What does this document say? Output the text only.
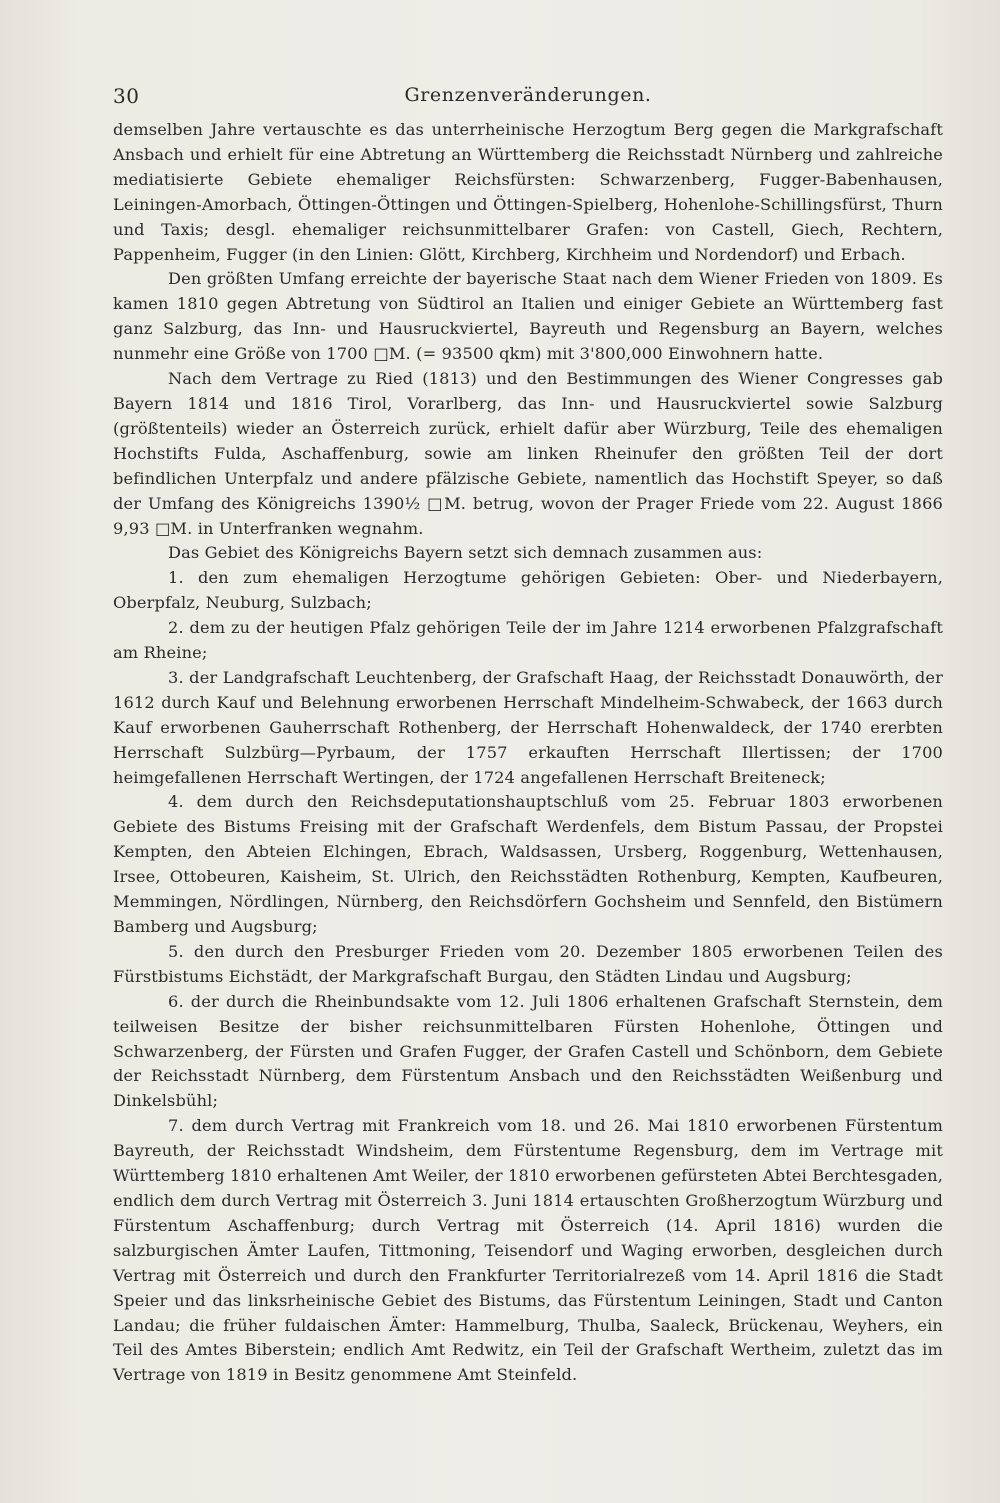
30	Grenzenveränderungen.

demselben Jahre vertauschte es das unterrheinische Herzogtum Berg gegen die Markgrafschaft Ansbach und erhielt für eine Abtretung an Württemberg die Reichsstadt Nürnberg und zahlreiche mediatisierte Gebiete ehemaliger Reichsfürsten: Schwarzenberg, Fugger-Babenhausen, Leiningen-Amorbach, Öttingen-Öttingen und Öttingen-Spielberg, Hohenlohe-Schillingsfürst, Thurn und Taxis; desgl. ehemaliger reichsunmittelbarer Grafen: von Castell, Giech, Rechtern, Pappenheim, Fugger (in den Linien: Glött, Kirchberg, Kirchheim und Nordendorf) und Erbach.

Den größten Umfang erreichte der bayerische Staat nach dem Wiener Frieden von 1809. Es kamen 1810 gegen Abtretung von Südtirol an Italien und einiger Gebiete an Württemberg fast ganz Salzburg, das Inn- und Hausruckviertel, Bayreuth und Regensburg an Bayern, welches nunmehr eine Größe von 1700 □M. (= 93500 qkm) mit 3'800,000 Einwohnern hatte.

Nach dem Vertrage zu Ried (1813) und den Bestimmungen des Wiener Congresses gab Bayern 1814 und 1816 Tirol, Vorarlberg, das Inn- und Hausruckviertel sowie Salzburg (größtenteils) wieder an Österreich zurück, erhielt dafür aber Würzburg, Teile des ehemaligen Hochstifts Fulda, Aschaffenburg, sowie am linken Rheinufer den größten Teil der dort befindlichen Unterpfalz und andere pfälzische Gebiete, namentlich das Hochstift Speyer, so daß der Umfang des Königreichs 1390½ □M. betrug, wovon der Prager Friede vom 22. August 1866 9,93 □M. in Unterfranken wegnahm.

Das Gebiet des Königreichs Bayern setzt sich demnach zusammen aus:

1. den zum ehemaligen Herzogtume gehörigen Gebieten: Ober- und Niederbayern, Oberpfalz, Neuburg, Sulzbach;

2. dem zu der heutigen Pfalz gehörigen Teile der im Jahre 1214 erworbenen Pfalzgrafschaft am Rheine;

3. der Landgrafschaft Leuchtenberg, der Grafschaft Haag, der Reichsstadt Donauwörth, der 1612 durch Kauf und Belehnung erworbenen Herrschaft Mindelheim-Schwabeck, der 1663 durch Kauf erworbenen Gauherrschaft Rothenberg, der Herrschaft Hohenwaldeck, der 1740 ererbten Herrschaft Sulzbürg—Pyrbaum, der 1757 erkauften Herrschaft Illertissen; der 1700 heimgefallenen Herrschaft Wertingen, der 1724 angefallenen Herrschaft Breiteneck;

4. dem durch den Reichsdeputationshauptschluß vom 25. Februar 1803 erworbenen Gebiete des Bistums Freising mit der Grafschaft Werdenfels, dem Bistum Passau, der Propstei Kempten, den Abteien Elchingen, Ebrach, Waldsassen, Ursberg, Roggenburg, Wettenhausen, Irsee, Ottobeuren, Kaisheim, St. Ulrich, den Reichsstädten Rothenburg, Kempten, Kaufbeuren, Memmingen, Nördlingen, Nürnberg, den Reichsdörfern Gochsheim und Sennfeld, den Bistümern Bamberg und Augsburg;

5. den durch den Presburger Frieden vom 20. Dezember 1805 erworbenen Teilen des Fürstbistums Eichstädt, der Markgrafschaft Burgau, den Städten Lindau und Augsburg;

6. der durch die Rheinbundsakte vom 12. Juli 1806 erhaltenen Grafschaft Sternstein, dem teilweisen Besitze der bisher reichsunmittelbaren Fürsten Hohenlohe, Öttingen und Schwarzenberg, der Fürsten und Grafen Fugger, der Grafen Castell und Schönborn, dem Gebiete der Reichsstadt Nürnberg, dem Fürstentum Ansbach und den Reichsstädten Weißenburg und Dinkelsbühl;

7. dem durch Vertrag mit Frankreich vom 18. und 26. Mai 1810 erworbenen Fürstentum Bayreuth, der Reichsstadt Windsheim, dem Fürstentume Regensburg, dem im Vertrage mit Württemberg 1810 erhaltenen Amt Weiler, der 1810 erworbenen gefürsteten Abtei Berchtesgaden, endlich dem durch Vertrag mit Österreich 3. Juni 1814 ertauschten Großherzogtum Würzburg und Fürstentum Aschaffenburg; durch Vertrag mit Österreich (14. April 1816) wurden die salzburgischen Ämter Laufen, Tittmoning, Teisendorf und Waging erworben, desgleichen durch Vertrag mit Österreich und durch den Frankfurter Territorialrezeß vom 14. April 1816 die Stadt Speier und das linksrheinische Gebiet des Bistums, das Fürstentum Leiningen, Stadt und Canton Landau; die früher fuldaischen Ämter: Hammelburg, Thulba, Saaleck, Brückenau, Weyhers, ein Teil des Amtes Biberstein; endlich Amt Redwitz, ein Teil der Grafschaft Wertheim, zuletzt das im Vertrage von 1819 in Besitz genommene Amt Steinfeld.
